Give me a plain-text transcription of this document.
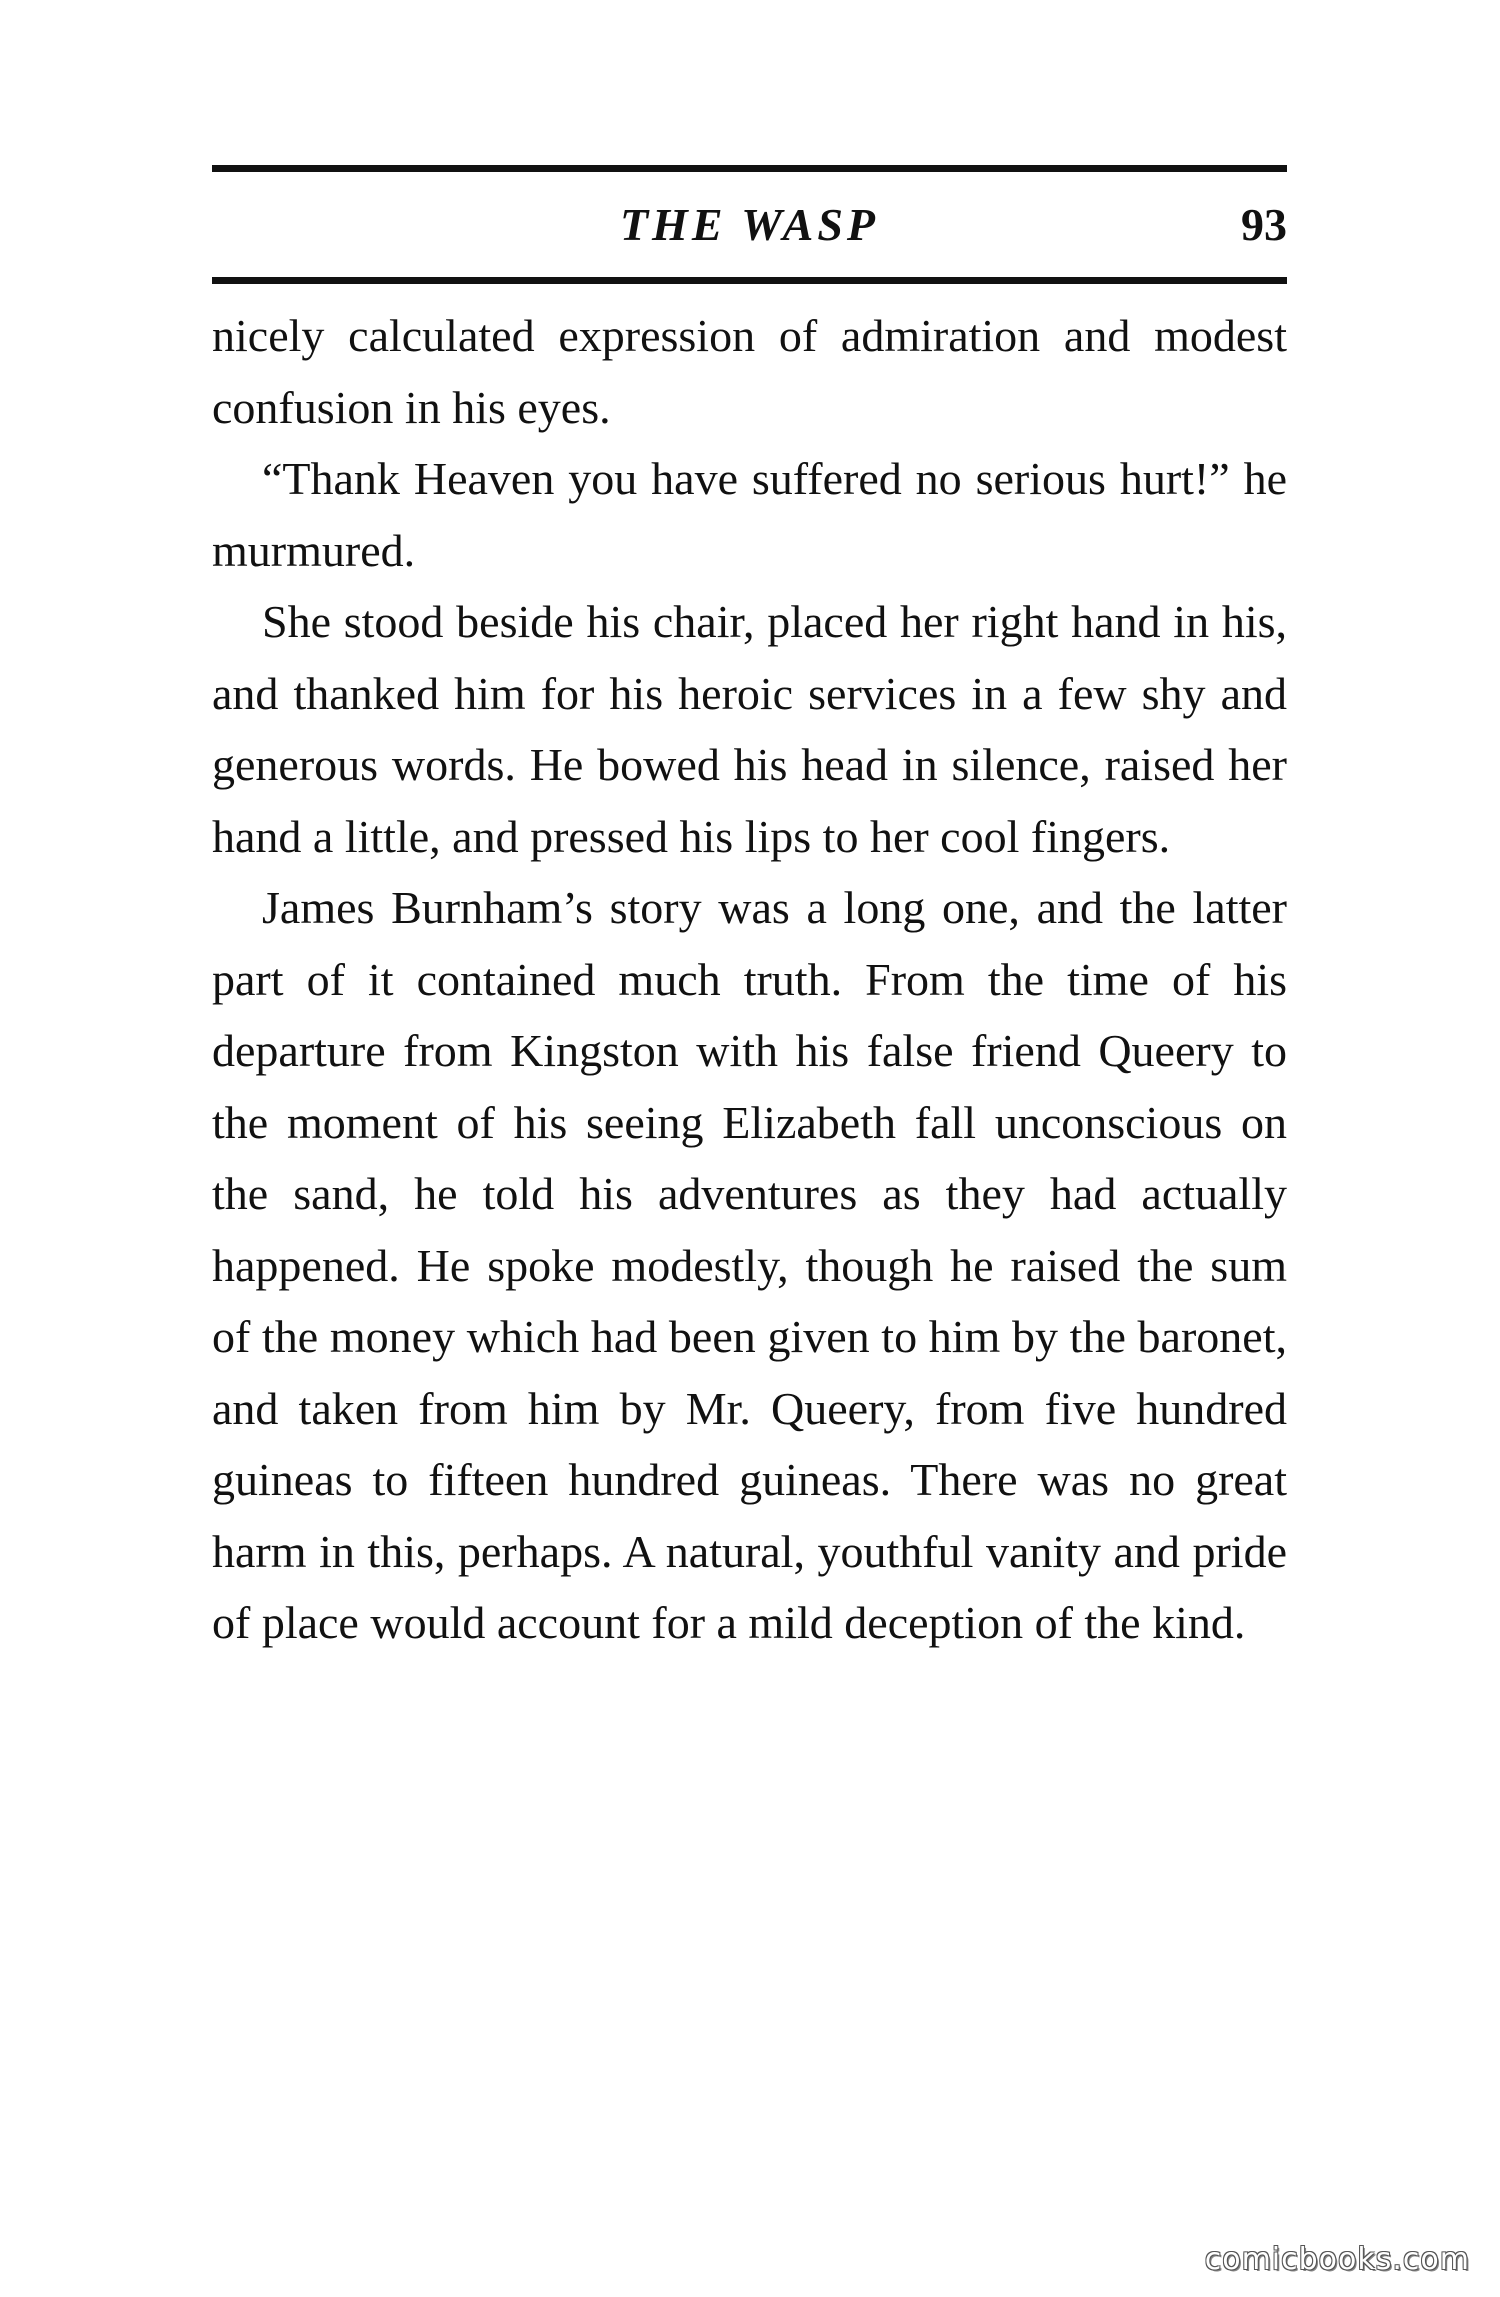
THE WASP	93

nicely calculated expression of admiration and modest confusion in his eyes.

“Thank Heaven you have suffered no serious hurt!” he murmured.

She stood beside his chair, placed her right hand in his, and thanked him for his heroic services in a few shy and generous words. He bowed his head in silence, raised her hand a little, and pressed his lips to her cool fingers.

James Burnham’s story was a long one, and the latter part of it contained much truth. From the time of his departure from Kingston with his false friend Queery to the moment of his seeing Elizabeth fall unconscious on the sand, he told his adventures as they had actually happened. He spoke modestly, though he raised the sum of the money which had been given to him by the baronet, and taken from him by Mr. Queery, from five hundred guineas to fifteen hundred guineas. There was no great harm in this, perhaps. A natural, youthful vanity and pride of place would account for a mild deception of the kind.

comicbooks.com
